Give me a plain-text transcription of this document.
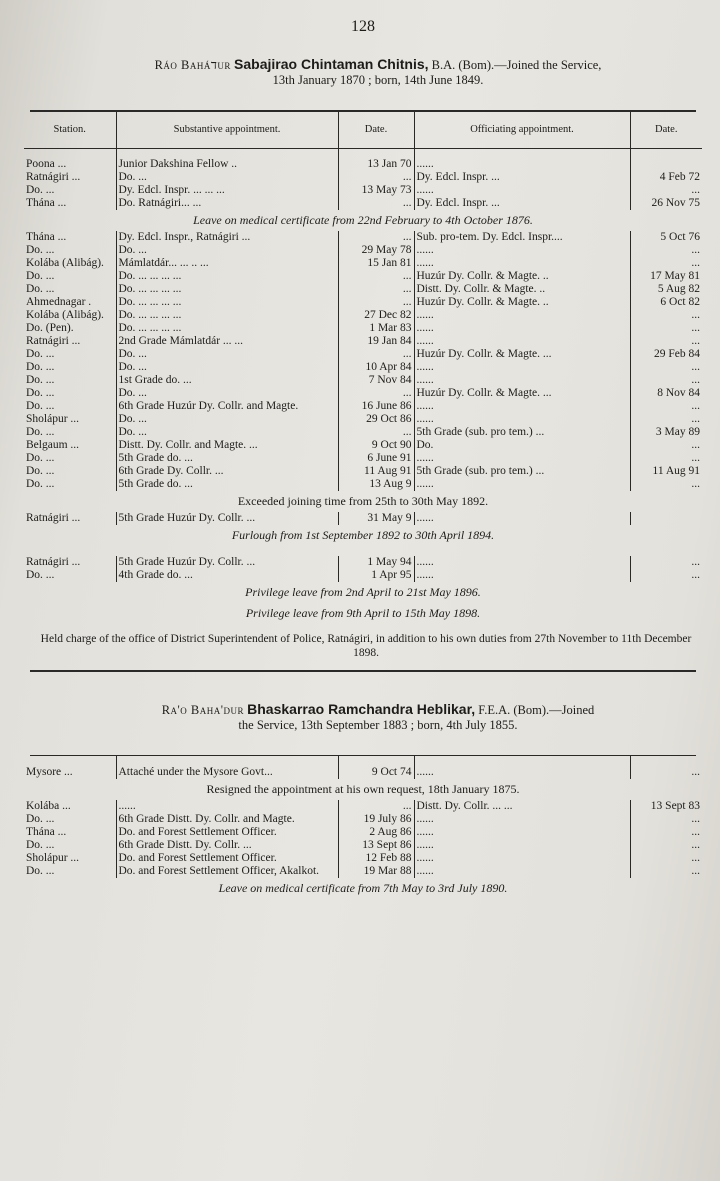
128
Ráo Baháדur Sabajirao Chintaman Chitnis, B.A. (Bom).—Joined the Service,
13th January 1870 ; born, 14th June 1849.
Station.	Substantive appointment.	Date.	Officiating appointment.	Date.

Poona ...	Junior Dakshina Fellow ..	13 Jan 70	......	
Ratnágiri ...	Do. ...	...	Dy. Edcl. Inspr. ...	4 Feb 72
Do. ...	Dy. Edcl. Inspr. ... ... ...	13 May 73	......	...
Thána ...	Do. Ratnágiri... ...	...	Dy. Edcl. Inspr. ...	26 Nov 75
Leave on medical certificate from 22nd February to 4th October 1876.				
Thána ...	Dy. Edcl. Inspr., Ratnágiri ...	...	Sub. pro-tem. Dy. Edcl. Inspr....	5 Oct 76
Do. ...	Do. ...	29 May 78	......	...
Kolába (Alibág).	Mámlatdár... ... .. ...	15 Jan 81	......	...
Do. ...	Do. ... ... ... ...	...	Huzúr Dy. Collr. & Magte. ..	17 May 81
Do. ...	Do. ... ... ... ...	...	Distt. Dy. Collr. & Magte. ..	5 Aug 82
Ahmednagar .	Do. ... ... ... ...	...	Huzúr Dy. Collr. & Magte. ..	6 Oct 82
Kolába (Alibág).	Do. ... ... ... ...	27 Dec 82	......	...
Do. (Pen).	Do. ... ... ... ...	1 Mar 83	......	...
Ratnágiri ...	2nd Grade Mámlatdár ... ...	19 Jan 84	......	...
Do. ...	Do. ...	...	Huzúr Dy. Collr. & Magte. ...	29 Feb 84
Do. ...	Do. ...	10 Apr 84	......	...
Do. ...	1st Grade do. ...	7 Nov 84	......	...
Do. ...	Do. ...	...	Huzúr Dy. Collr. & Magte. ...	8 Nov 84
Do. ...	6th Grade Huzúr Dy. Collr. and Magte.	16 June 86	......	...
Sholápur ...	Do. ...	29 Oct 86	......	...
Do. ...	Do. ...	...	5th Grade (sub. pro tem.) ...	3 May 89
Belgaum ...	Distt. Dy. Collr. and Magte. ...	9 Oct 90	Do.	...
Do. ...	5th Grade do. ...	6 June 91	......	...
Do. ...	6th Grade Dy. Collr. ...	11 Aug 91	5th Grade (sub. pro tem.) ...	11 Aug 91
Do. ...	5th Grade do. ...	13 Aug 9	......	...
Exceeded joining time from 25th to 30th May 1892.				
Ratnágiri ...	5th Grade Huzúr Dy. Collr. ...	31 May 9	......	
Furlough from 1st September 1892 to 30th April 1894.				

Ratnágiri ...	5th Grade Huzúr Dy. Collr. ...	1 May 94	......	...
Do. ...	4th Grade do. ...	1 Apr 95	......	...
Privilege leave from 2nd April to 21st May 1896.				
Privilege leave from 9th April to 15th May 1898.				
Held charge of the office of District Superintendent of Police, Ratnágiri, in addition to his own duties from 27th November to 11th December 1898.
Ra'o Baha'dur Bhaskarrao Ramchandra Heblikar, F.E.A. (Bom).—Joined
the Service, 13th September 1883 ; born, 4th July 1855.

Mysore ...	Attaché under the Mysore Govt...	9 Oct 74	......	...
Resigned the appointment at his own request, 18th January 1875.				
Kolába ...	......	...	Distt. Dy. Collr. ... ...	13 Sept 83
Do. ...	6th Grade Distt. Dy. Collr. and Magte.	19 July 86	......	...
Thána ...	Do. and Forest Settlement Officer.	2 Aug 86	......	...
Do. ...	6th Grade Distt. Dy. Collr. ...	13 Sept 86	......	...
Sholápur ...	Do. and Forest Settlement Officer.	12 Feb 88	......	...
Do. ...	Do. and Forest Settlement Officer, Akalkot.	19 Mar 88	......	...
Leave on medical certificate from 7th May to 3rd July 1890.				
